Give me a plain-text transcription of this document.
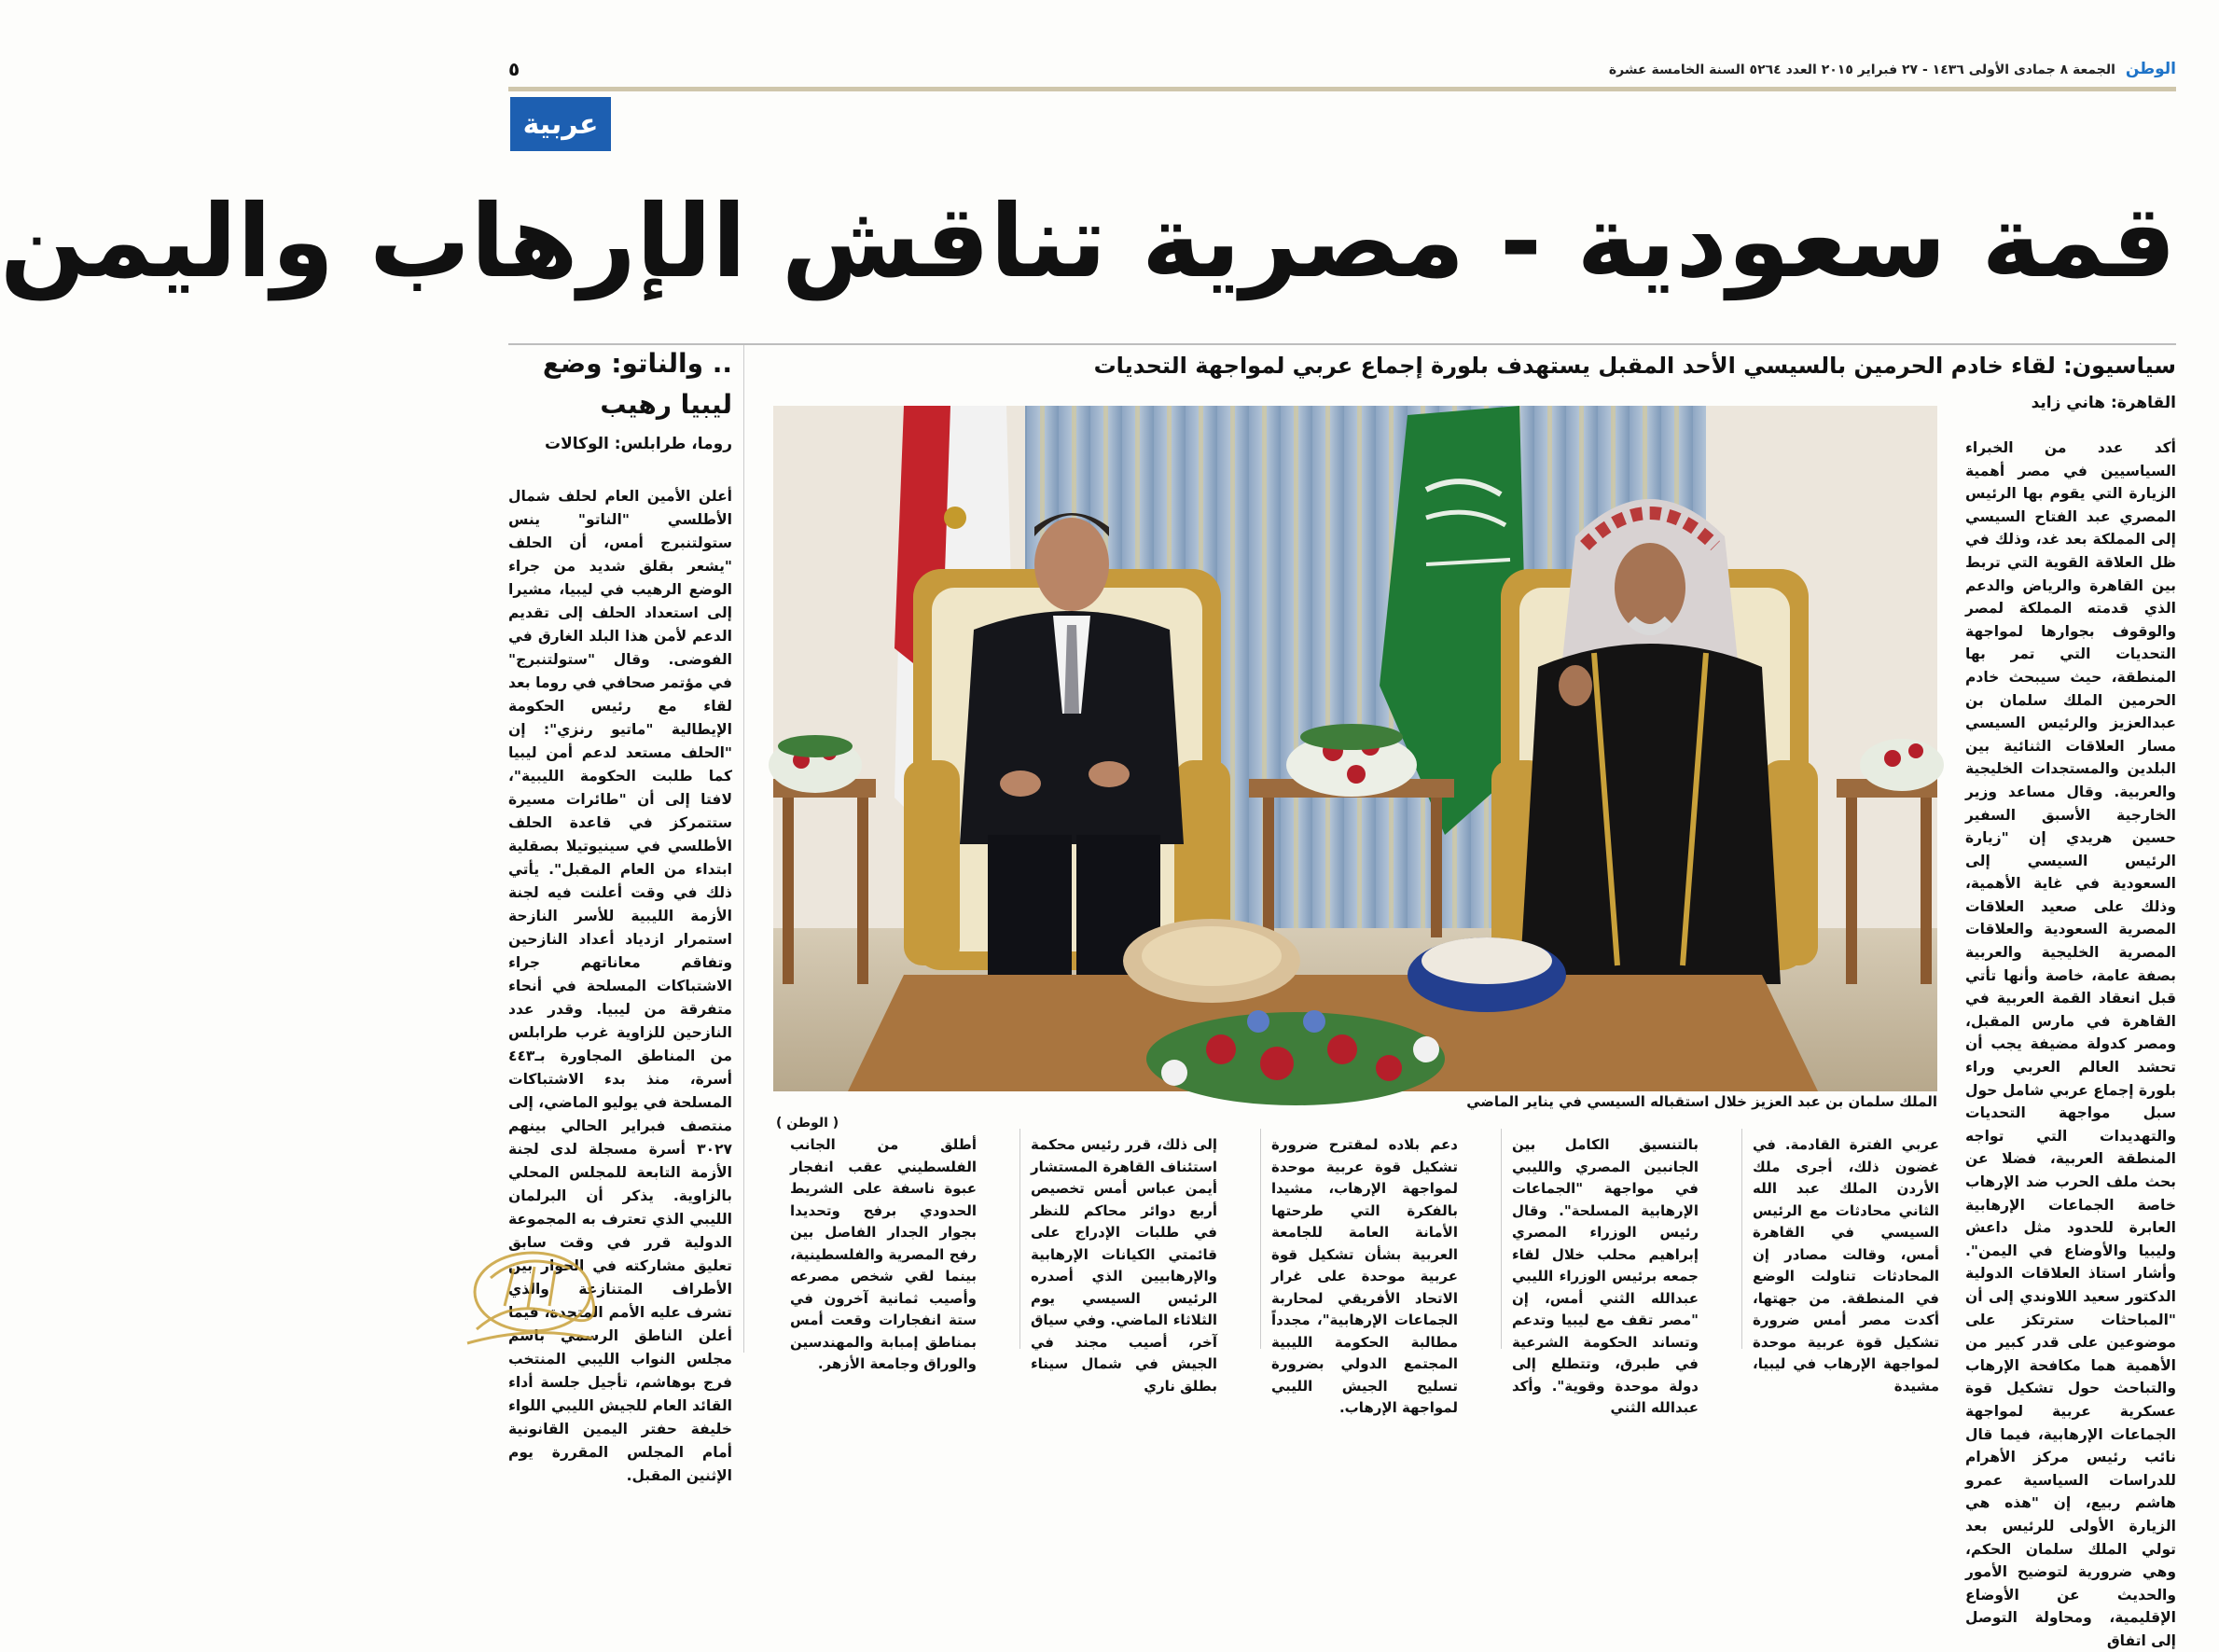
٥	الوطن الجمعة ٨ جمادى الأولى ١٤٣٦ - ٢٧ فبراير ٢٠١٥ العدد ٥٢٦٤ السنة الخامسة عشرة
عربية
قمة سعودية - مصرية تناقش الإرهاب واليمن
سياسيون: لقاء خادم الحرمين بالسيسي الأحد المقبل يستهدف بلورة إجماع عربي لمواجهة التحديات
القاهرة: هاني زايد
.. والناتو: وضع
ليبيا رهيب
روما، طرابلس: الوكالات
أعلن الأمين العام لحلف شمال الأطلسي "الناتو" ينس ستولتنبرج أمس، أن الحلف "يشعر بقلق شديد من جراء الوضع الرهيب في ليبيا، مشيرا إلى استعداد الحلف إلى تقديم الدعم لأمن هذا البلد الغارق في الفوضى. وقال "ستولتنبرج" في مؤتمر صحافي في روما بعد لقاء مع رئيس الحكومة الإيطالية "ماتيو رنزي": إن "الحلف مستعد لدعم أمن ليبيا كما طلبت الحكومة الليبية"، لافتا إلى أن "طائرات مسيرة ستتمركز في قاعدة الحلف الأطلسي في سينيوتيلا بصقلية ابتداء من العام المقبل". يأتي ذلك في وقت أعلنت فيه لجنة الأزمة الليبية للأسر النازحة استمرار ازدياد أعداد النازحين وتفاقم معاناتهم جراء الاشتباكات المسلحة في أنحاء متفرقة من ليبيا. وقدر عدد النازحين للزاوية غرب طرابلس من المناطق المجاورة بـ٤٤٣ أسرة، منذ بدء الاشتباكات المسلحة في يوليو الماضي، إلى منتصف فبراير الحالي بينهم ٣٠٢٧ أسرة مسجلة لدى لجنة الأزمة التابعة للمجلس المحلي بالزاوية. يذكر أن البرلمان الليبي الذي تعترف به المجموعة الدولية قرر في وقت سابق تعليق مشاركته في الحوار بين الأطراف المتنازعة والذي تشرف عليه الأمم المتحدة، فيما أعلن الناطق الرسمي باسم مجلس النواب الليبي المنتخب فرج بوهاشم، تأجيل جلسة أداء القائد العام للجيش الليبي اللواء خليفة حفتر اليمين القانونية أمام المجلس المقررة يوم الإثنين المقبل.
الملك سلمان بن عبد العزيز خلال استقباله السيسي في يناير الماضي
( الوطن )
أكد عدد من الخبراء السياسيين في مصر أهمية الزيارة التي يقوم بها الرئيس المصري عبد الفتاح السيسي إلى المملكة بعد غد، وذلك في ظل العلاقة القوية التي تربط بين القاهرة والرياض والدعم الذي قدمته المملكة لمصر والوقوف بجوارها لمواجهة التحديات التي تمر بها المنطقة، حيث سيبحث خادم الحرمين الملك سلمان بن عبدالعزيز والرئيس السيسي مسار العلاقات الثنائية بين البلدين والمستجدات الخليجية والعربية. وقال مساعد وزير الخارجية الأسبق السفير حسين هريدي إن "زيارة الرئيس السيسي إلى السعودية في غاية الأهمية، وذلك على صعيد العلاقات المصرية السعودية والعلاقات المصرية الخليجية والعربية بصفة عامة، خاصة وأنها تأتي قبل انعقاد القمة العربية في القاهرة في مارس المقبل، ومصر كدولة مضيفة يجب أن تحشد العالم العربي وراء بلورة إجماع عربي شامل حول سبل مواجهة التحديات والتهديدات التي تواجه المنطقة العربية، فضلا عن بحث ملف الحرب ضد الإرهاب خاصة الجماعات الإرهابية العابرة للحدود مثل داعش وليبيا والأوضاع في اليمن". وأشار استاذ العلاقات الدولية الدكتور سعيد اللاوندي إلى أن "المباحثات سترتكز على موضوعين على قدر كبير من الأهمية هما مكافحة الإرهاب والتباحث حول تشكيل قوة عسكرية عربية لمواجهة الجماعات الإرهابية، فيما قال نائب رئيس مركز الأهرام للدراسات السياسية عمرو هاشم ربيع، إن "هذه هي الزيارة الأولى للرئيس بعد تولي الملك سلمان الحكم، وهي ضرورية لتوضيح الأمور والحديث عن الأوضاع الإقليمية، ومحاولة التوصل إلى اتفاق
عربي الفترة القادمة. في غضون ذلك، أجرى ملك الأردن الملك عبد الله الثاني محادثات مع الرئيس السيسي في القاهرة أمس، وقالت مصادر إن المحادثات تناولت الوضع في المنطقة. من جهتها، أكدت مصر أمس ضرورة تشكيل قوة عربية موحدة لمواجهة الإرهاب في ليبيا، مشيدة
بالتنسيق الكامل بين الجانبين المصري والليبي في مواجهة "الجماعات الإرهابية المسلحة". وقال رئيس الوزراء المصري إبراهيم محلب خلال لقاء جمعه برئيس الوزراء الليبي عبدالله الثني أمس، إن "مصر تقف مع ليبيا وتدعم وتساند الحكومة الشرعية في طبرق، وتتطلع إلى دولة موحدة وقوية". وأكد عبدالله الثني
دعم بلاده لمقترح ضرورة تشكيل قوة عربية موحدة لمواجهة الإرهاب، مشيدا بالفكرة التي طرحتها الأمانة العامة للجامعة العربية بشأن تشكيل قوة عربية موحدة على غرار الاتحاد الأفريقي لمحاربة الجماعات الإرهابية"، مجدداً مطالبة الحكومة الليبية المجتمع الدولي بضرورة تسليح الجيش الليبي لمواجهة الإرهاب.
إلى ذلك، قرر رئيس محكمة استئناف القاهرة المستشار أيمن عباس أمس تخصيص أربع دوائر محاكم للنظر في طلبات الإدراج على قائمتي الكيانات الإرهابية والإرهابيين الذي أصدره الرئيس السيسي يوم الثلاثاء الماضي. وفي سياق آخر، أصيب مجند في الجيش في شمال سيناء بطلق ناري
أطلق من الجانب الفلسطيني عقب انفجار عبوة ناسفة على الشريط الحدودي برفح وتحديدا بجوار الجدار الفاصل بين رفح المصرية والفلسطينية، بينما لقي شخص مصرعه وأصيب ثمانية آخرون في ستة انفجارات وقعت أمس بمناطق إمبابة والمهندسين والوراق وجامعة الأزهر.
